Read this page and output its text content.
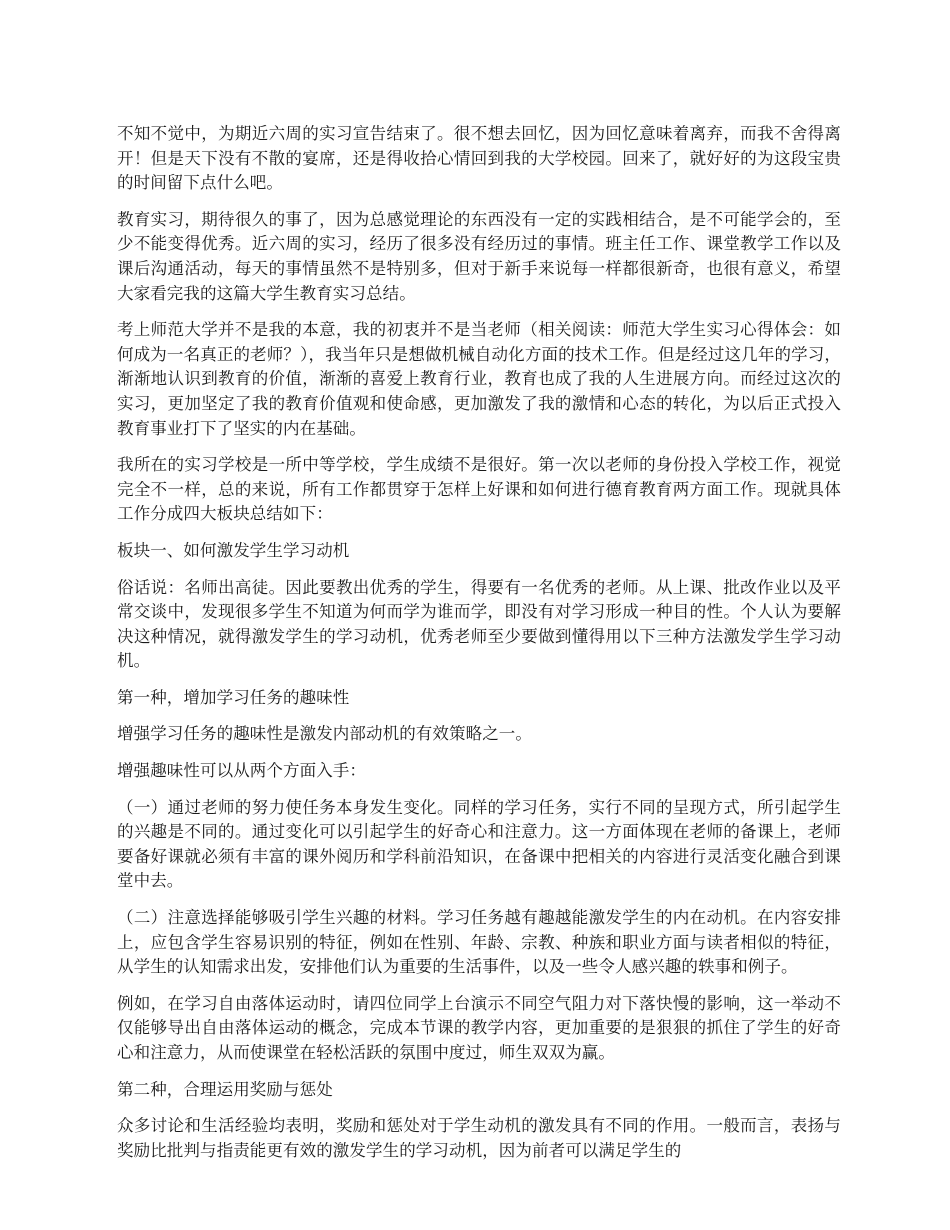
不知不觉中，为期近六周的实习宣告结束了。很不想去回忆，因为回忆意味着离弃，而我不舍得离开！但是天下没有不散的宴席，还是得收拾心情回到我的大学校园。回来了，就好好的为这段宝贵的时间留下点什么吧。

教育实习，期待很久的事了，因为总感觉理论的东西没有一定的实践相结合，是不可能学会的，至少不能变得优秀。近六周的实习，经历了很多没有经历过的事情。班主任工作、课堂教学工作以及课后沟通活动，每天的事情虽然不是特别多，但对于新手来说每一样都很新奇，也很有意义，希望大家看完我的这篇大学生教育实习总结。

考上师范大学并不是我的本意，我的初衷并不是当老师（相关阅读：师范大学生实习心得体会：如何成为一名真正的老师？），我当年只是想做机械自动化方面的技术工作。但是经过这几年的学习，渐渐地认识到教育的价值，渐渐的喜爱上教育行业，教育也成了我的人生进展方向。而经过这次的实习，更加坚定了我的教育价值观和使命感，更加激发了我的激情和心态的转化，为以后正式投入教育事业打下了坚实的内在基础。

我所在的实习学校是一所中等学校，学生成绩不是很好。第一次以老师的身份投入学校工作，视觉完全不一样，总的来说，所有工作都贯穿于怎样上好课和如何进行德育教育两方面工作。现就具体工作分成四大板块总结如下：

板块一、如何激发学生学习动机

俗话说：名师出高徒。因此要教出优秀的学生，得要有一名优秀的老师。从上课、批改作业以及平常交谈中，发现很多学生不知道为何而学为谁而学，即没有对学习形成一种目的性。个人认为要解决这种情况，就得激发学生的学习动机，优秀老师至少要做到懂得用以下三种方法激发学生学习动机。

第一种，增加学习任务的趣味性

增强学习任务的趣味性是激发内部动机的有效策略之一。

增强趣味性可以从两个方面入手：

（一）通过老师的努力使任务本身发生变化。同样的学习任务，实行不同的呈现方式，所引起学生的兴趣是不同的。通过变化可以引起学生的好奇心和注意力。这一方面体现在老师的备课上，老师要备好课就必须有丰富的课外阅历和学科前沿知识，在备课中把相关的内容进行灵活变化融合到课堂中去。

（二）注意选择能够吸引学生兴趣的材料。学习任务越有趣越能激发学生的内在动机。在内容安排上，应包含学生容易识别的特征，例如在性别、年龄、宗教、种族和职业方面与读者相似的特征，从学生的认知需求出发，安排他们认为重要的生活事件，以及一些令人感兴趣的轶事和例子。

例如，在学习自由落体运动时，请四位同学上台演示不同空气阻力对下落快慢的影响，这一举动不仅能够导出自由落体运动的概念，完成本节课的教学内容，更加重要的是狠狠的抓住了学生的好奇心和注意力，从而使课堂在轻松活跃的氛围中度过，师生双双为赢。

第二种，合理运用奖励与惩处

众多讨论和生活经验均表明，奖励和惩处对于学生动机的激发具有不同的作用。一般而言，表扬与奖励比批判与指责能更有效的激发学生的学习动机，因为前者可以满足学生的
